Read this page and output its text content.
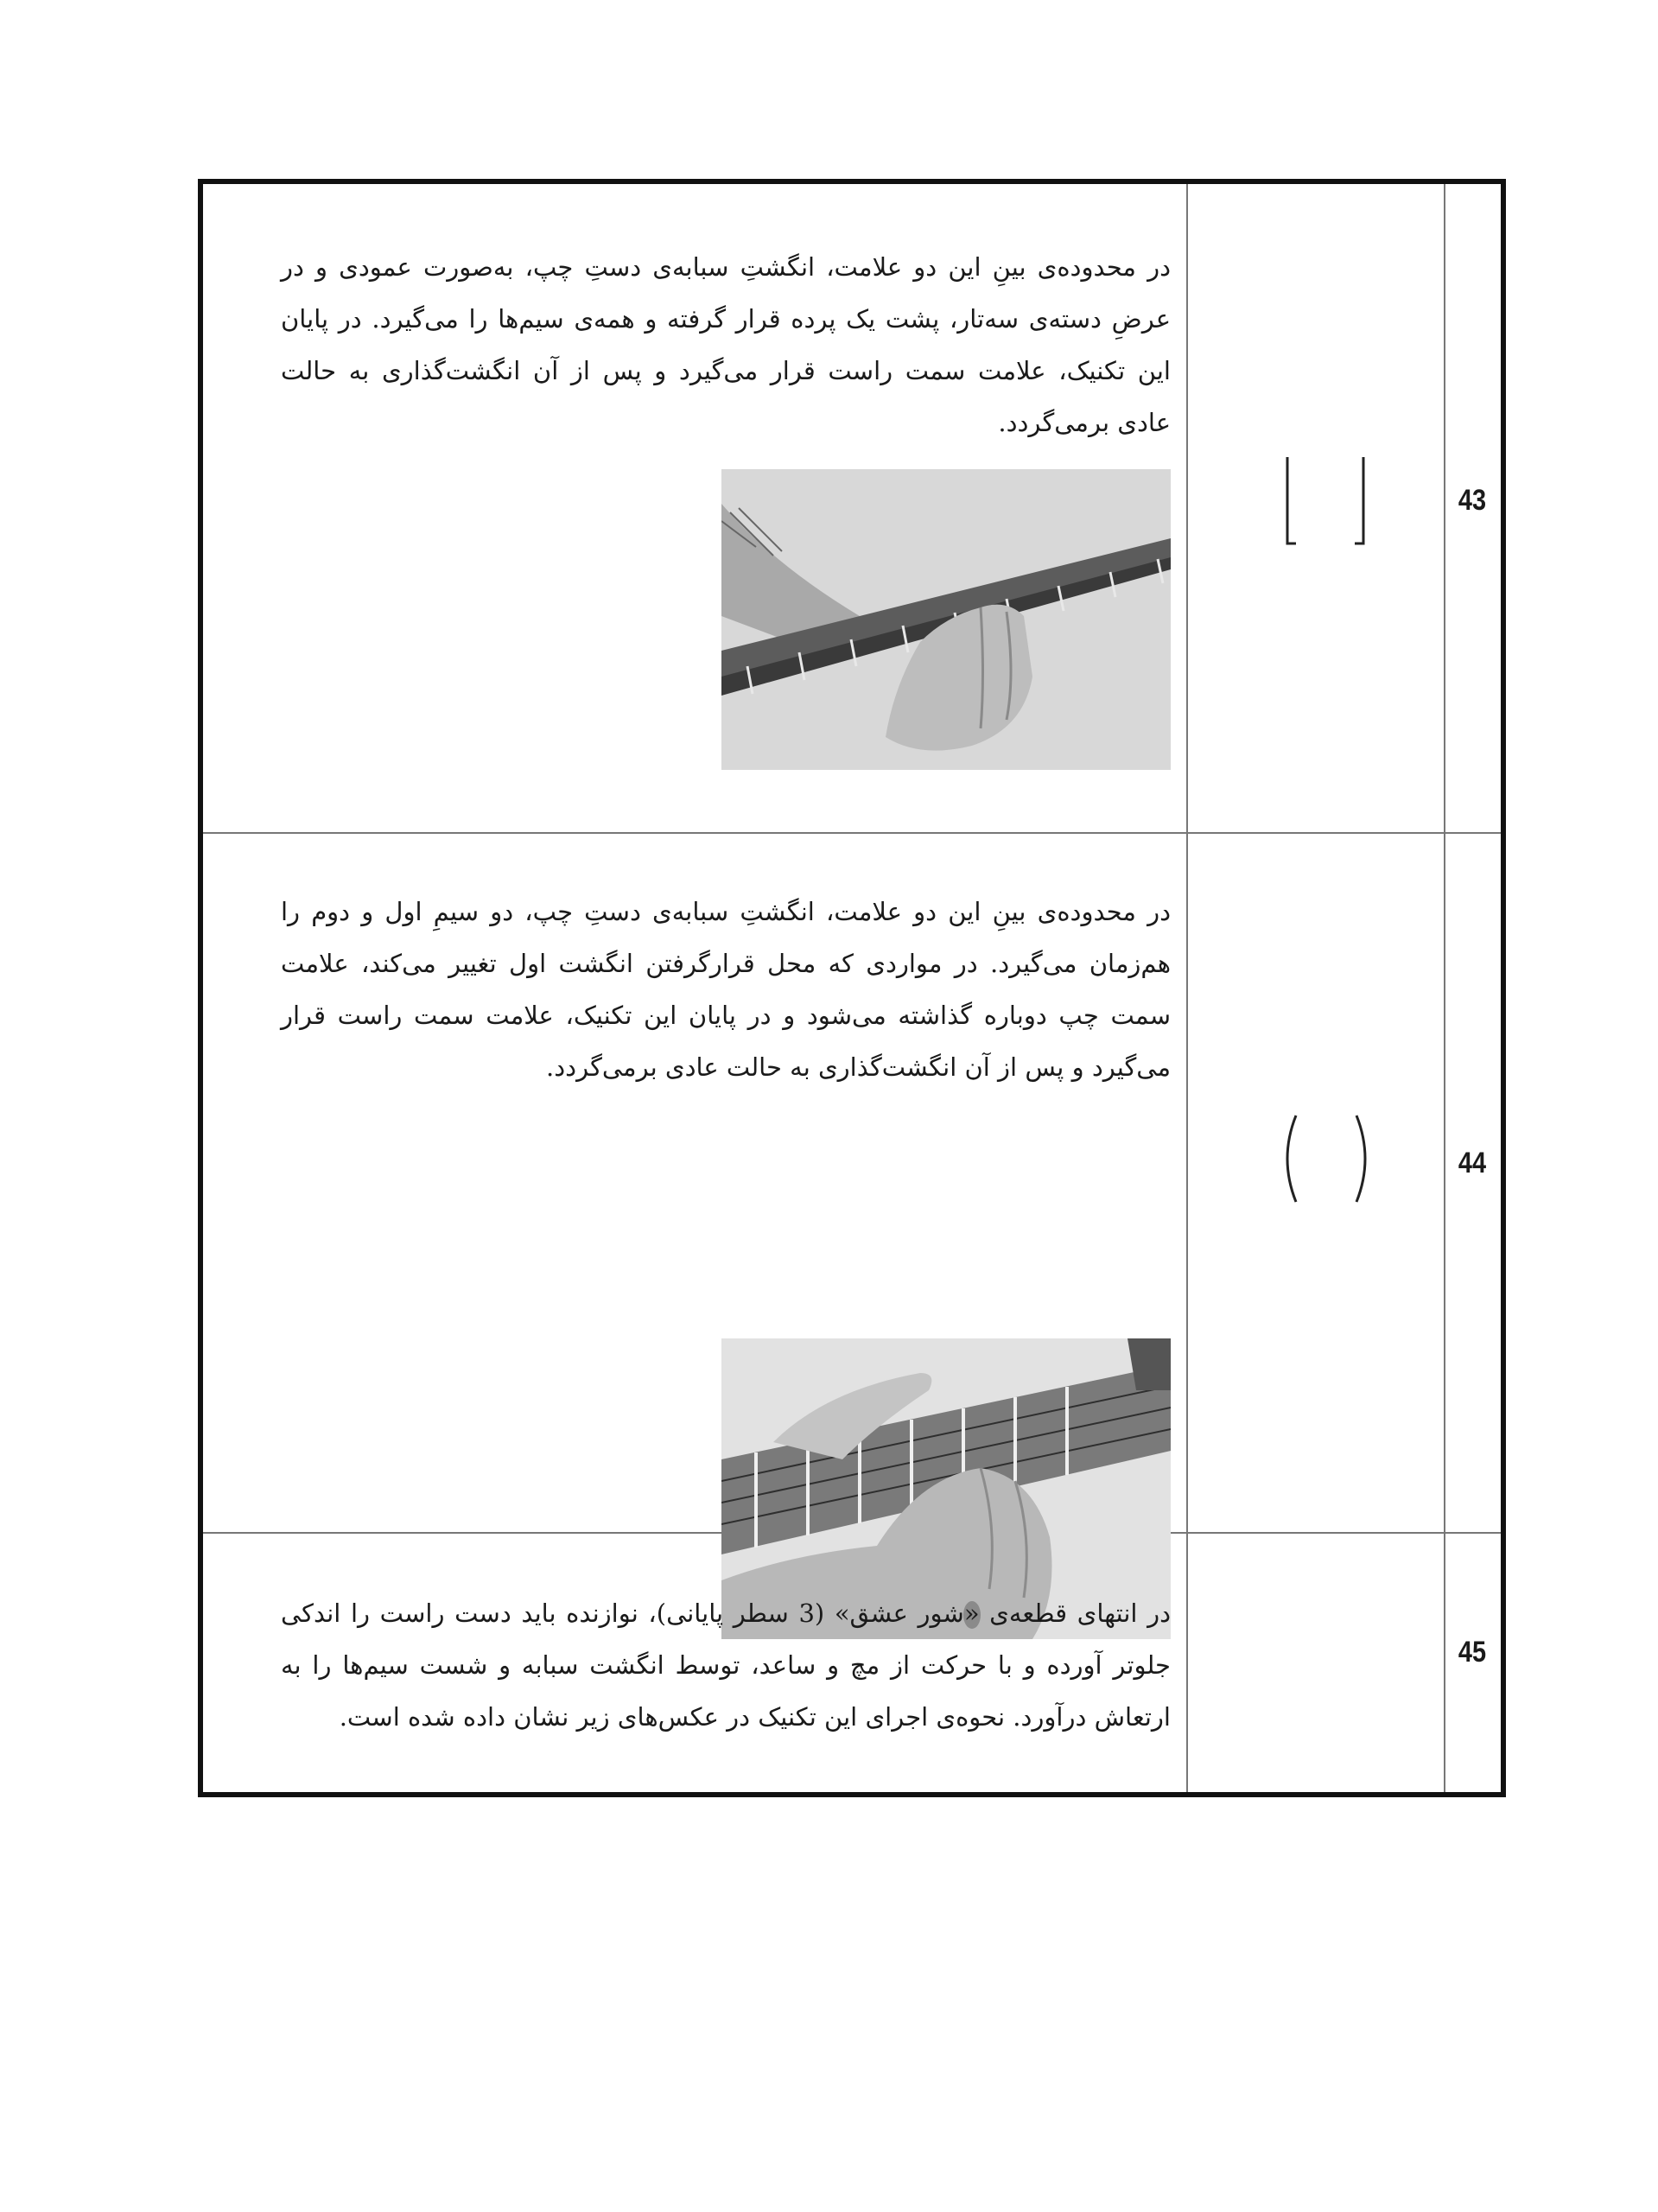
43
در محدوده‌ی بینِ این دو علامت، انگشتِ سبابه‌ی دستِ چپ، به‌صورت عمودی و در عرضِ دسته‌ی سه‌تار، پشت یک پرده قرار گرفته و همه‌ی سیم‌ها را می‌گیرد. در پایان این تکنیک، علامت سمت راست قرار می‌گیرد و پس از آن انگشت‌گذاری به حالت عادی برمی‌گردد.
44
در محدوده‌ی بینِ این دو علامت، انگشتِ سبابه‌ی دستِ چپ، دو سیمِ اول و دوم را هم‌زمان می‌گیرد. در مواردی که محل قرارگرفتن انگشت اول تغییر می‌کند، علامت سمت چپ دوباره گذاشته می‌شود و در پایان این تکنیک، علامت سمت راست قرار می‌گیرد و پس از آن انگشت‌گذاری به حالت عادی برمی‌گردد.
45
در انتهای قطعه‌ی «شور عشق» (3 سطر پایانی)، نوازنده باید دست راست را اندکی جلوتر آورده و با حرکت از مچ و ساعد، توسط انگشت سبابه و شست سیم‌ها را به ارتعاش درآورد. نحوه‌ی اجرای این تکنیک در عکس‌های زیر نشان داده شده است.
